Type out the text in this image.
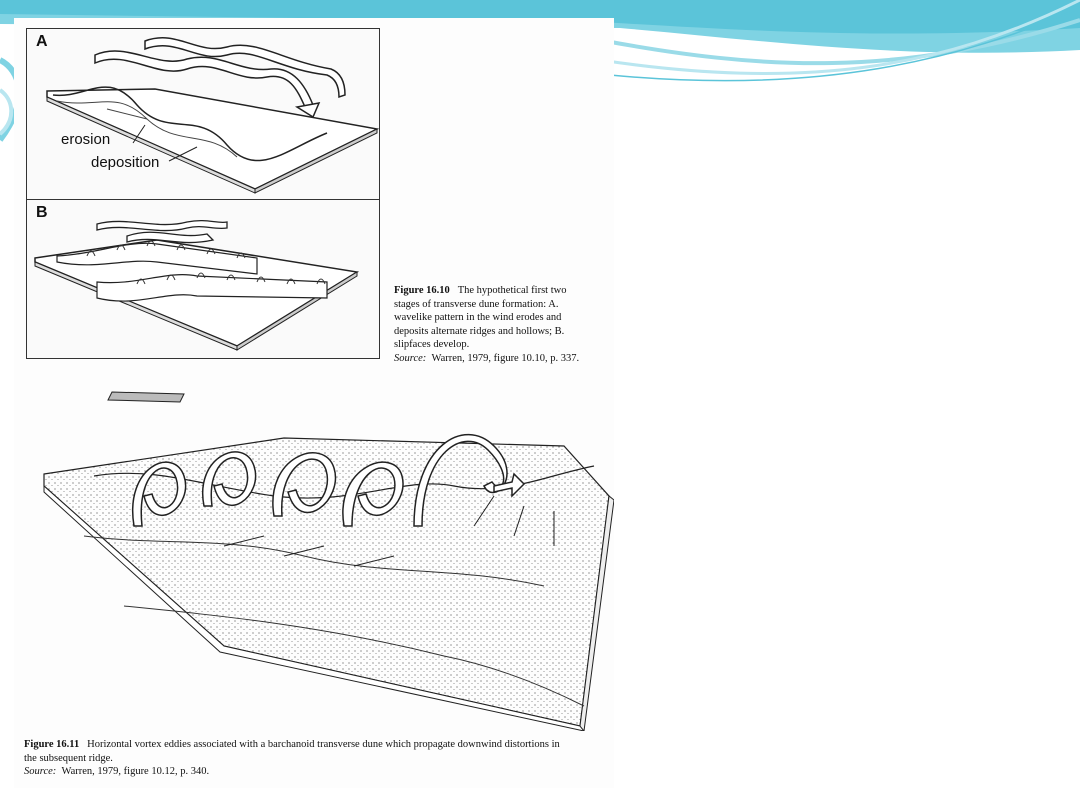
A
erosion
deposition
B
Figure 16.10 The hypothetical first two
stages of transverse dune formation: A.
wavelike pattern in the wind erodes and
deposits alternate ridges and hollows; B.
slipfaces develop.
Source: Warren, 1979, figure 10.10, p. 337.
Figure 16.11 Horizontal vortex eddies associated with a barchanoid transverse dune which propagate downwind distortions in
the subsequent ridge.
Source: Warren, 1979, figure 10.12, p. 340.
